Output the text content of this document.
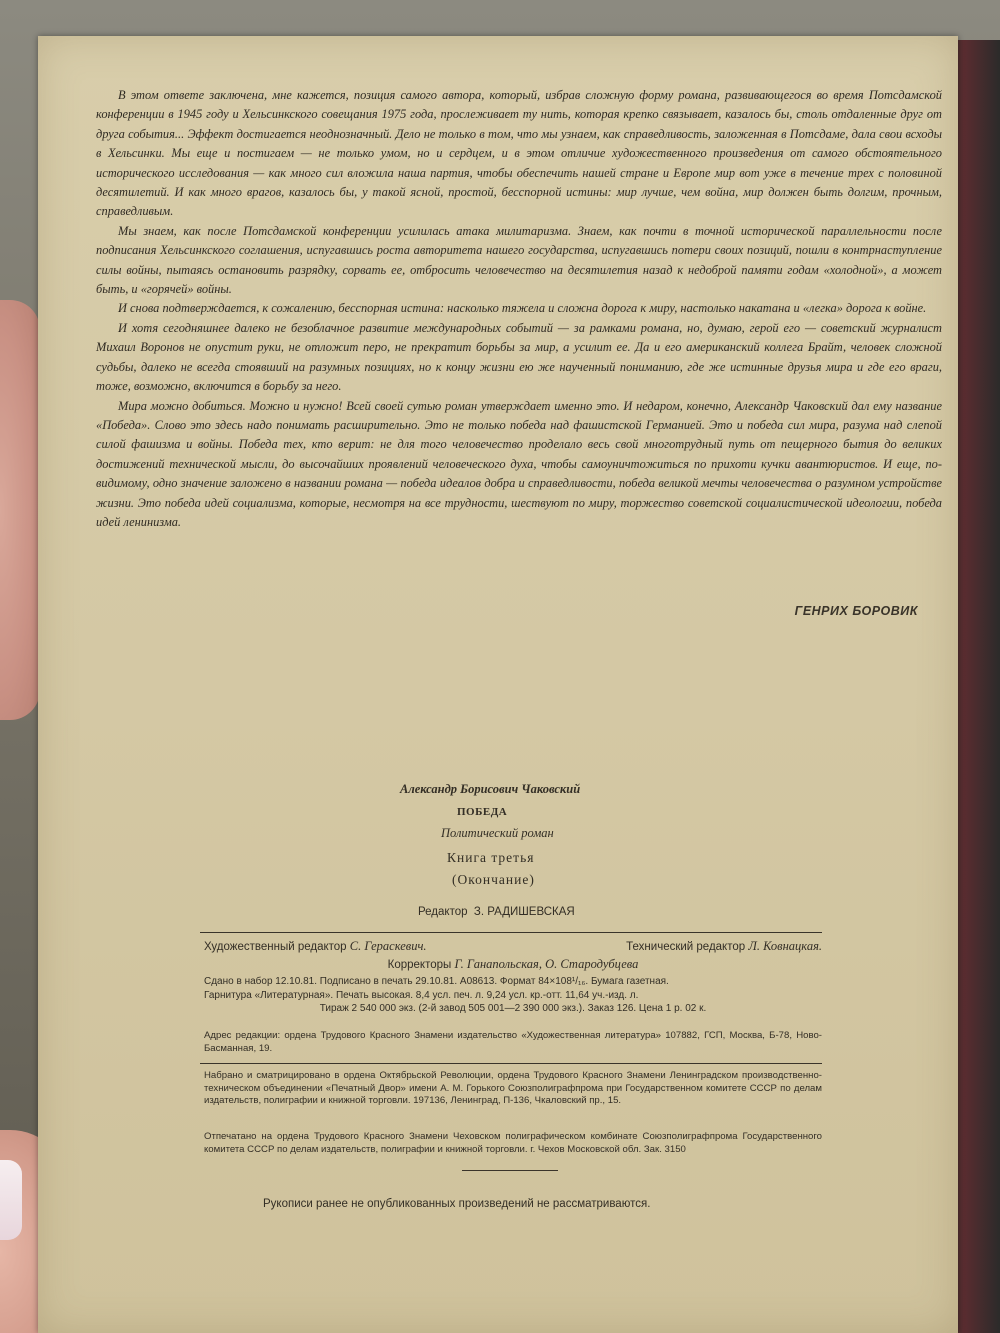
В этом ответе заключена, мне кажется, позиция самого автора, который, избрав сложную форму романа, развивающегося во время Потсдамской конференции в 1945 году и Хельсинкского совещания 1975 года, прослеживает ту нить, которая крепко связывает, казалось бы, столь отдаленные друг от друга события... Эффект достигается неоднозначный. Дело не только в том, что мы узнаем, как справедливость, заложенная в Потсдаме, дала свои всходы в Хельсинки. Мы еще и постигаем — не только умом, но и сердцем, и в этом отличие художественного произведения от самого обстоятельного исторического исследования — как много сил вложила наша партия, чтобы обеспечить нашей стране и Европе мир вот уже в течение трех с половиной десятилетий. И как много врагов, казалось бы, у такой ясной, простой, бесспорной истины: мир лучше, чем война, мир должен быть долгим, прочным, справедливым.

Мы знаем, как после Потсдамской конференции усилилась атака милитаризма. Знаем, как почти в точной исторической параллельности после подписания Хельсинкского соглашения, испугавшись роста авторитета нашего государства, испугавшись потери своих позиций, пошли в контрнаступление силы войны, пытаясь остановить разрядку, сорвать ее, отбросить человечество на десятилетия назад к недоброй памяти годам «холодной», а может быть, и «горячей» войны.

И снова подтверждается, к сожалению, бесспорная истина: насколько тяжела и сложна дорога к миру, настолько накатана и «легка» дорога к войне.

И хотя сегодняшнее далеко не безоблачное развитие международных событий — за рамками романа, но, думаю, герой его — советский журналист Михаил Воронов не опустит руки, не отложит перо, не прекратит борьбы за мир, а усилит ее. Да и его американский коллега Брайт, человек сложной судьбы, далеко не всегда стоявший на разумных позициях, но к концу жизни ею же наученный пониманию, где же истинные друзья мира и где его враги, тоже, возможно, включится в борьбу за него.

Мира можно добиться. Можно и нужно! Всей своей сутью роман утверждает именно это. И недаром, конечно, Александр Чаковский дал ему название «Победа». Слово это здесь надо понимать расширительно. Это не только победа над фашистской Германией. Это и победа сил мира, разума над слепой силой фашизма и войны. Победа тех, кто верит: не для того человечество проделало весь свой многотрудный путь от пещерного бытия до великих достижений технической мысли, до высочайших проявлений человеческого духа, чтобы самоуничтожиться по прихоти кучки авантюристов. И еще, по-видимому, одно значение заложено в названии романа — победа идеалов добра и справедливости, победа великой мечты человечества о разумном устройстве жизни. Это победа идей социализма, которые, несмотря на все трудности, шествуют по миру, торжество советской социалистической идеологии, победа идей ленинизма.

ГЕНРИХ БОРОВИК
Александр Борисович Чаковский
ПОБЕДА
Политический роман
Книга третья
(Окончание)
Редактор З. РАДИШЕВСКАЯ
Художественный редактор С. Гераскевич.	Технический редактор Л. Ковнацкая.
Корректоры Г. Ганапольская, О. Стародубцева
Сдано в набор 12.10.81. Подписано в печать 29.10.81. А08613. Формат 84×108¹/₁₆. Бумага газетная.
Гарнитура «Литературная». Печать высокая. 8,4 усл. печ. л. 9,24 усл. кр.-отт. 11,64 уч.-изд. л.
Тираж 2 540 000 экз. (2-й завод 505 001—2 390 000 экз.). Заказ 126. Цена 1 р. 02 к.
Адрес редакции: ордена Трудового Красного Знамени издательство «Художественная литература» 107882, ГСП, Москва, Б-78, Ново-Басманная, 19.
Набрано и сматрицировано в ордена Октябрьской Революции, ордена Трудового Красного Знамени Ленинградском производственно-техническом объединении «Печатный Двор» имени А. М. Горького Союзполиграфпрома при Государственном комитете СССР по делам издательств, полиграфии и книжной торговли. 197136, Ленинград, П-136, Чкаловский пр., 15.
Отпечатано на ордена Трудового Красного Знамени Чеховском полиграфическом комбинате Союзполиграфпрома Государственного комитета СССР по делам издательств, полиграфии и книжной торговли. г. Чехов Московской обл. Зак. 3150
Рукописи ранее не опубликованных произведений не рассматриваются.
